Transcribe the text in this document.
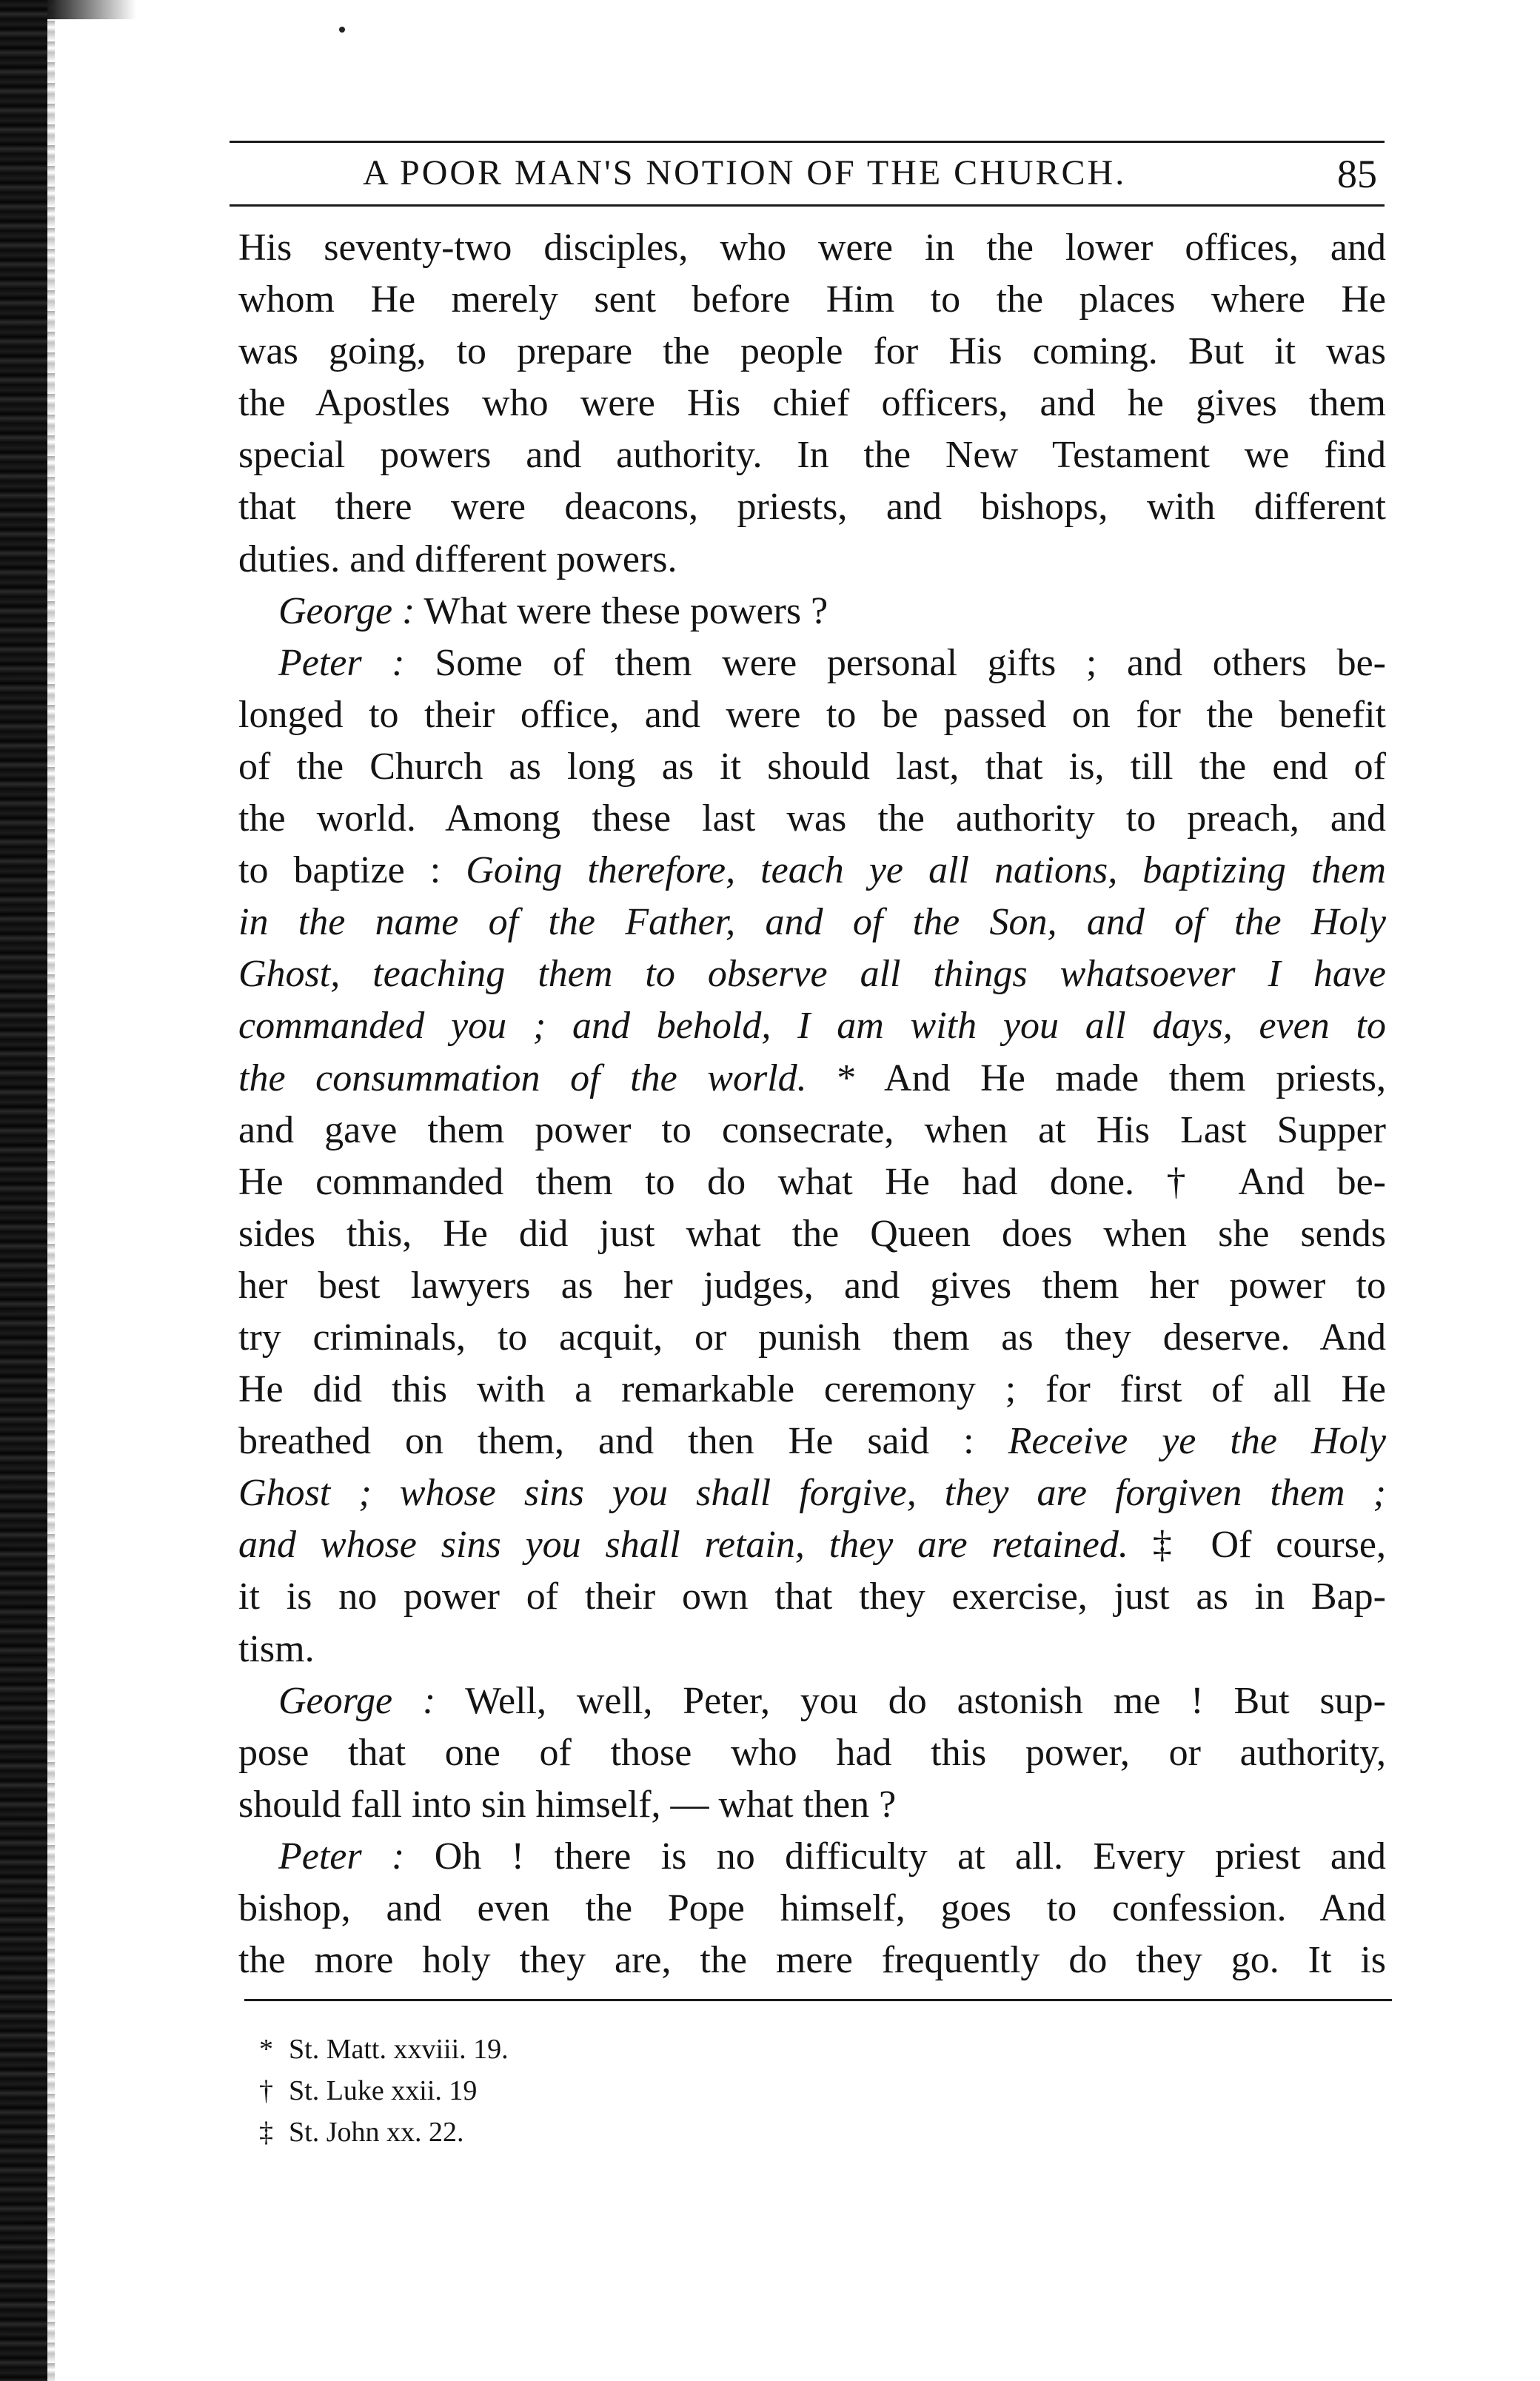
A POOR MAN'S NOTION OF THE CHURCH.	85
His seventy-two disciples, who were in the lower offices, and
whom He merely sent before Him to the places where He
was going, to prepare the people for His coming. But it was
the Apostles who were His chief officers, and he gives them
special powers and authority. In the New Testament we find
that there were deacons, priests, and bishops, with different
duties. and different powers.
George : What were these powers ?
Peter : Some of them were personal gifts ; and others be-
longed to their office, and were to be passed on for the benefit
of the Church as long as it should last, that is, till the end of
the world. Among these last was the authority to preach, and
to baptize : Going therefore, teach ye all nations, baptizing them
in the name of the Father, and of the Son, and of the Holy
Ghost, teaching them to observe all things whatsoever I have
commanded you ; and behold, I am with you all days, even to
the consummation of the world. * And He made them priests,
and gave them power to consecrate, when at His Last Supper
He commanded them to do what He had done. † And be-
sides this, He did just what the Queen does when she sends
her best lawyers as her judges, and gives them her power to
try criminals, to acquit, or punish them as they deserve. And
He did this with a remarkable ceremony ; for first of all He
breathed on them, and then He said : Receive ye the Holy
Ghost ; whose sins you shall forgive, they are forgiven them ;
and whose sins you shall retain, they are retained. ‡ Of course,
it is no power of their own that they exercise, just as in Bap-
tism.
George : Well, well, Peter, you do astonish me ! But sup-
pose that one of those who had this power, or authority,
should fall into sin himself, — what then ?
Peter : Oh ! there is no difficulty at all. Every priest and
bishop, and even the Pope himself, goes to confession. And
the more holy they are, the mere frequently do they go. It is
* St. Matt. xxviii. 19.
† St. Luke xxii. 19
‡ St. John xx. 22.
